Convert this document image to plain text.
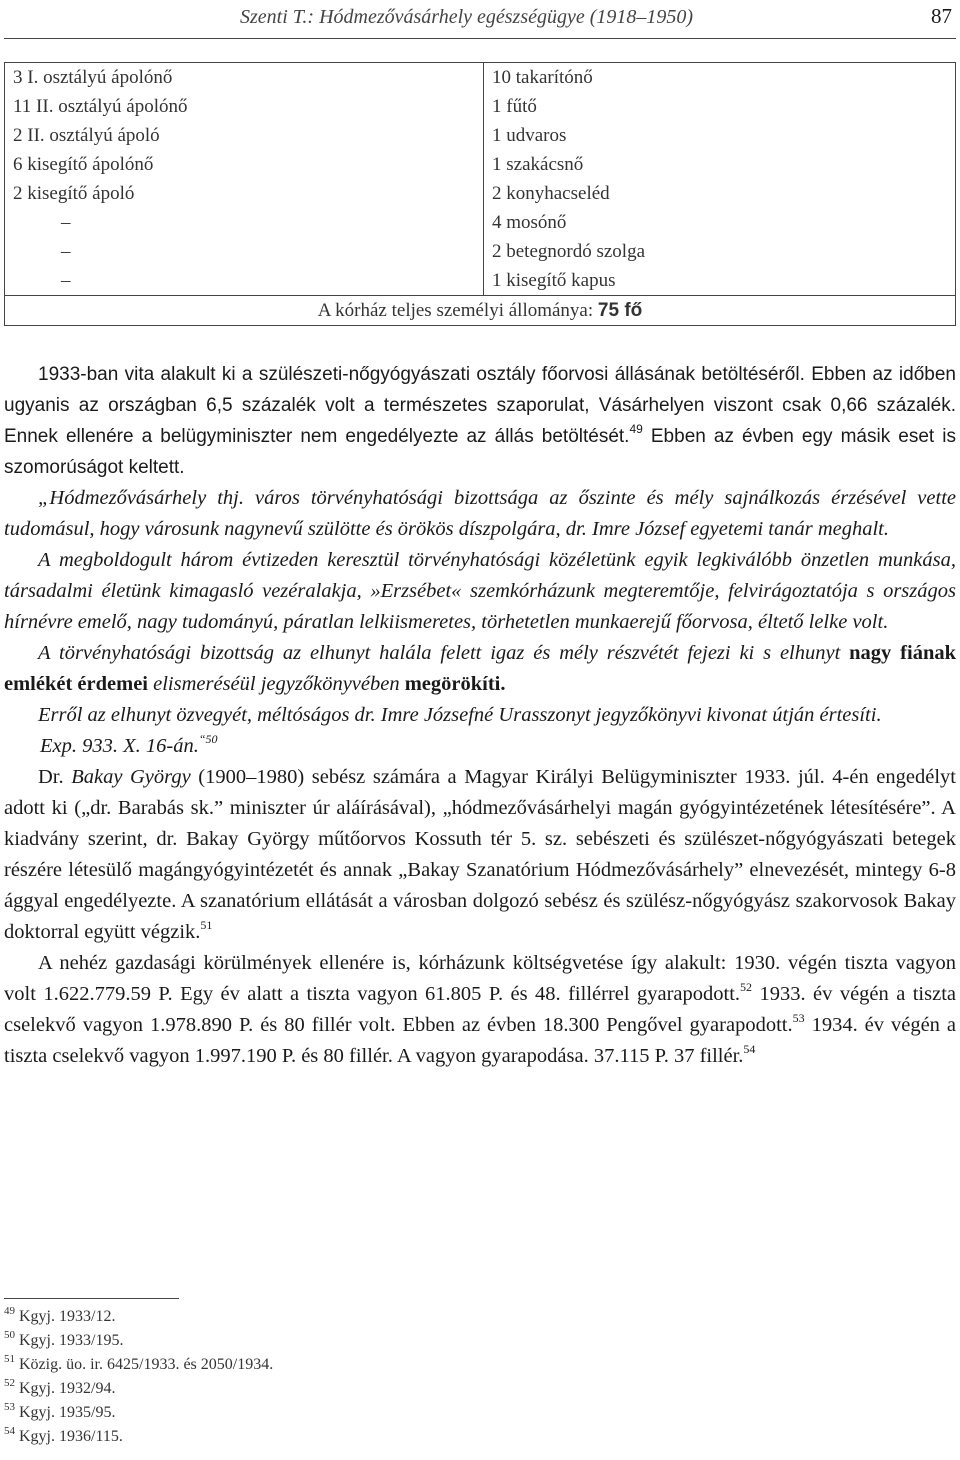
Szenti T.: Hódmezővásárhely egészségügye (1918–1950)	87
3 I. osztályú ápolónő	10 takarítónő
11 II. osztályú ápolónő	1 fűtő
2 II. osztályú ápoló	1 udvaros
6 kisegítő ápolónő	1 szakácsnő
2 kisegítő ápoló	2 konyhacseléd
–	4 mosónő
–	2 betegnordó szolga
–	1 kisegítő kapus
A kórház teljes személyi állománya: 75 fő	

1933-ban vita alakult ki a szülészeti-nőgyógyászati osztály főorvosi állásának betöltéséről. Ebben az időben ugyanis az országban 6,5 százalék volt a természetes szaporulat, Vásárhelyen viszont csak 0,66 százalék. Ennek ellenére a belügyminiszter nem engedélyezte az állás betöltését.$^{49}$ Ebben az évben egy másik eset is szomorúságot keltett.

„Hódmezővásárhely thj. város törvényhatósági bizottsága az őszinte és mély sajnálkozás érzésével vette tudomásul, hogy városunk nagynevű szülötte és örökös díszpolgára, dr. Imre József egyetemi tanár meghalt.

A megboldogult három évtizeden keresztül törvényhatósági közéletünk egyik legkiválóbb önzetlen munkása, társadalmi életünk kimagasló vezéralakja, »Erzsébet« szemkórházunk megteremtője, felvirágoztatója s országos hírnévre emelő, nagy tudományú, páratlan lelkiismeretes, törhetetlen munkaerejű főorvosa, éltető lelke volt.

A törvényhatósági bizottság az elhunyt halála felett igaz és mély részvétét fejezi ki s elhunyt nagy fiának emlékét érdemei elismeréséül jegyzőkönyvében megörökíti.

Erről az elhunyt özvegyét, méltóságos dr. Imre Józsefné Urasszonyt jegyzőkönyvi kivonat útján értesíti.

Exp. 933. X. 16-án.$^{“50}$

Dr. Bakay György (1900–1980) sebész számára a Magyar Királyi Belügyminiszter 1933. júl. 4-én engedélyt adott ki („dr. Barabás sk.” miniszter úr aláírásával), „hódmezővásárhelyi magán gyógyintézetének létesítésére”. A kiadvány szerint, dr. Bakay György műtőorvos Kossuth tér 5. sz. sebészeti és szülészet-nőgyógyászati betegek részére létesülő magángyógyintézetét és annak „Bakay Szanatórium Hódmezővásárhely” elnevezését, mintegy 6-8 ággyal engedélyezte. A szanatórium ellátását a városban dolgozó sebész és szülész-nőgyógyász szakorvosok Bakay doktorral együtt végzik.$^{51}$

A nehéz gazdasági körülmények ellenére is, kórházunk költségvetése így alakult: 1930. végén tiszta vagyon volt 1.622.779.59 P. Egy év alatt a tiszta vagyon 61.805 P. és 48. fillérrel gyarapodott.$^{52}$ 1933. év végén a tiszta cselekvő vagyon 1.978.890 P. és 80 fillér volt. Ebben az évben 18.300 Pengővel gyarapodott.$^{53}$ 1934. év végén a tiszta cselekvő vagyon 1.997.190 P. és 80 fillér. A vagyon gyarapodása. 37.115 P. 37 fillér.$^{54}$

$^{49}$ Kgyj. 1933/12.
$^{50}$ Kgyj. 1933/195.
$^{51}$ Közig. üo. ir. 6425/1933. és 2050/1934.
$^{52}$ Kgyj. 1932/94.
$^{53}$ Kgyj. 1935/95.
$^{54}$ Kgyj. 1936/115.
